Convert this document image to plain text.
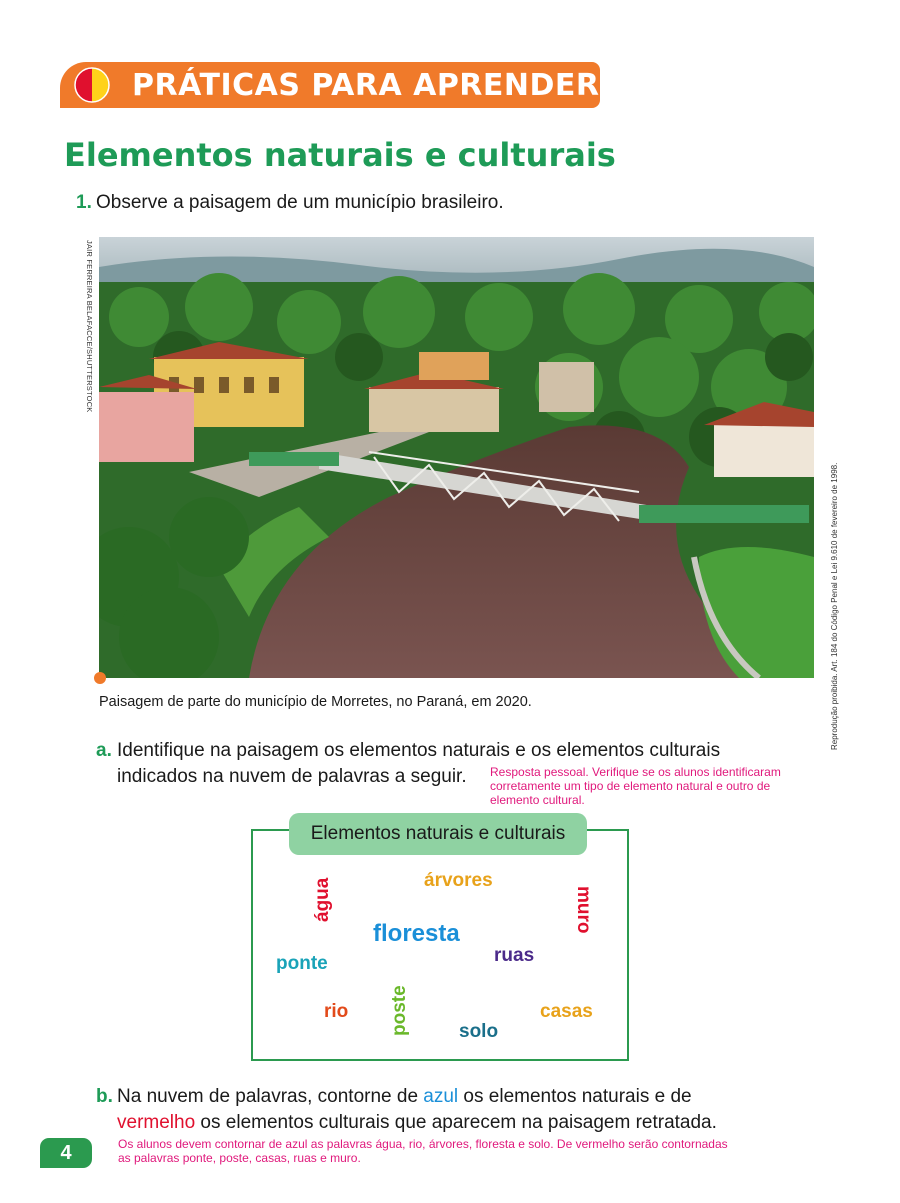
PRÁTICAS PARA APRENDER
Elementos naturais e culturais
1. Observe a paisagem de um município brasileiro.
JAIR FERREIRA BELAFACCE/SHUTTERSTOCK
Paisagem de parte do município de Morretes, no Paraná, em 2020.	Reprodução proibida. Art. 184 do Código Penal e Lei 9.610 de fevereiro de 1998.
a. Identifique na paisagem os elementos naturais e os elementos culturais
indicados na nuvem de palavras a seguir. Resposta pessoal. Verifique se os alunos identificaram
corretamente um tipo de elemento natural e outro de
elemento cultural.
Elementos naturais e culturais
água	árvores
muro
floresta
ponte	ruas
rio poste	casas
solo
b. Na nuvem de palavras, contorne de azul os elementos naturais e de
vermelho os elementos culturais que aparecem na paisagem retratada.
Os alunos devem contornar de azul as palavras água, rio, árvores, floresta e solo. De vermelho serão contornadas
as palavras ponte, poste, casas, ruas e muro.
4
